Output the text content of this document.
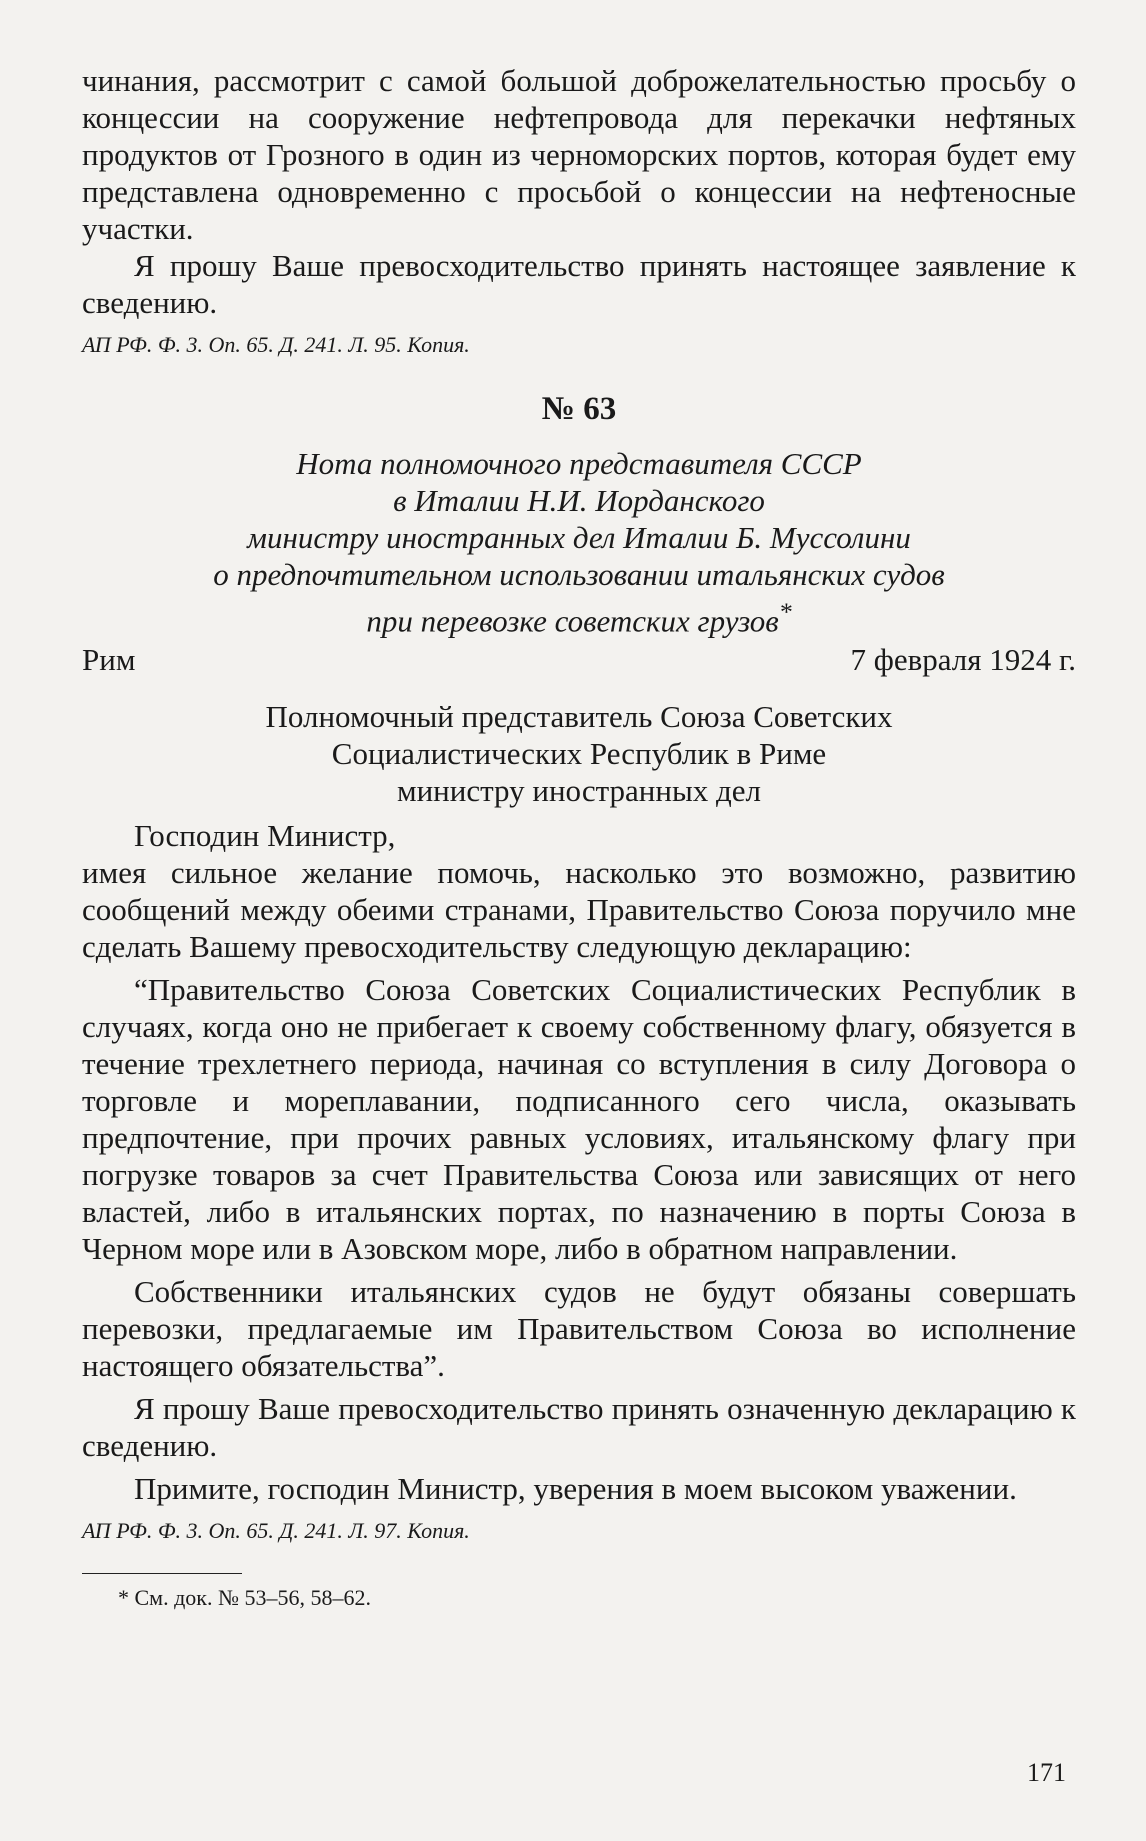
чинания, рассмотрит с самой большой доброжелательностью просьбу о концессии на сооружение нефтепровода для перекачки нефтяных продуктов от Грозного в один из черноморских портов, которая будет ему представлена одновременно с просьбой о концессии на нефтеносные участки.

Я прошу Ваше превосходительство принять настоящее заявление к сведению.

АП РФ. Ф. 3. Оп. 65. Д. 241. Л. 95. Копия.

№ 63
Нота полномочного представителя СССР
в Италии Н.И. Иорданского
министру иностранных дел Италии Б. Муссолини
о предпочтительном использовании итальянских судов
при перевозке советских грузов*
Рим	7 февраля 1924 г.
Полномочный представитель Союза Советских
Социалистических Республик в Риме
министру иностранных дел
Господин Министр,

имея сильное желание помочь, насколько это возможно, развитию сообщений между обеими странами, Правительство Союза поручило мне сделать Вашему превосходительству следующую декларацию:

“Правительство Союза Советских Социалистических Республик в случаях, когда оно не прибегает к своему собственному флагу, обязуется в течение трехлетнего периода, начиная со вступления в силу Договора о торговле и мореплавании, подписанного сего числа, оказывать предпочтение, при прочих равных условиях, итальянскому флагу при погрузке товаров за счет Правительства Союза или зависящих от него властей, либо в итальянских портах, по назначению в порты Союза в Черном море или в Азовском море, либо в обратном направлении.

Собственники итальянских судов не будут обязаны совершать перевозки, предлагаемые им Правительством Союза во исполнение настоящего обязательства”.

Я прошу Ваше превосходительство принять означенную декларацию к сведению.

Примите, господин Министр, уверения в моем высоком уважении.

АП РФ. Ф. 3. Оп. 65. Д. 241. Л. 97. Копия.

* См. док. № 53–56, 58–62.
171
